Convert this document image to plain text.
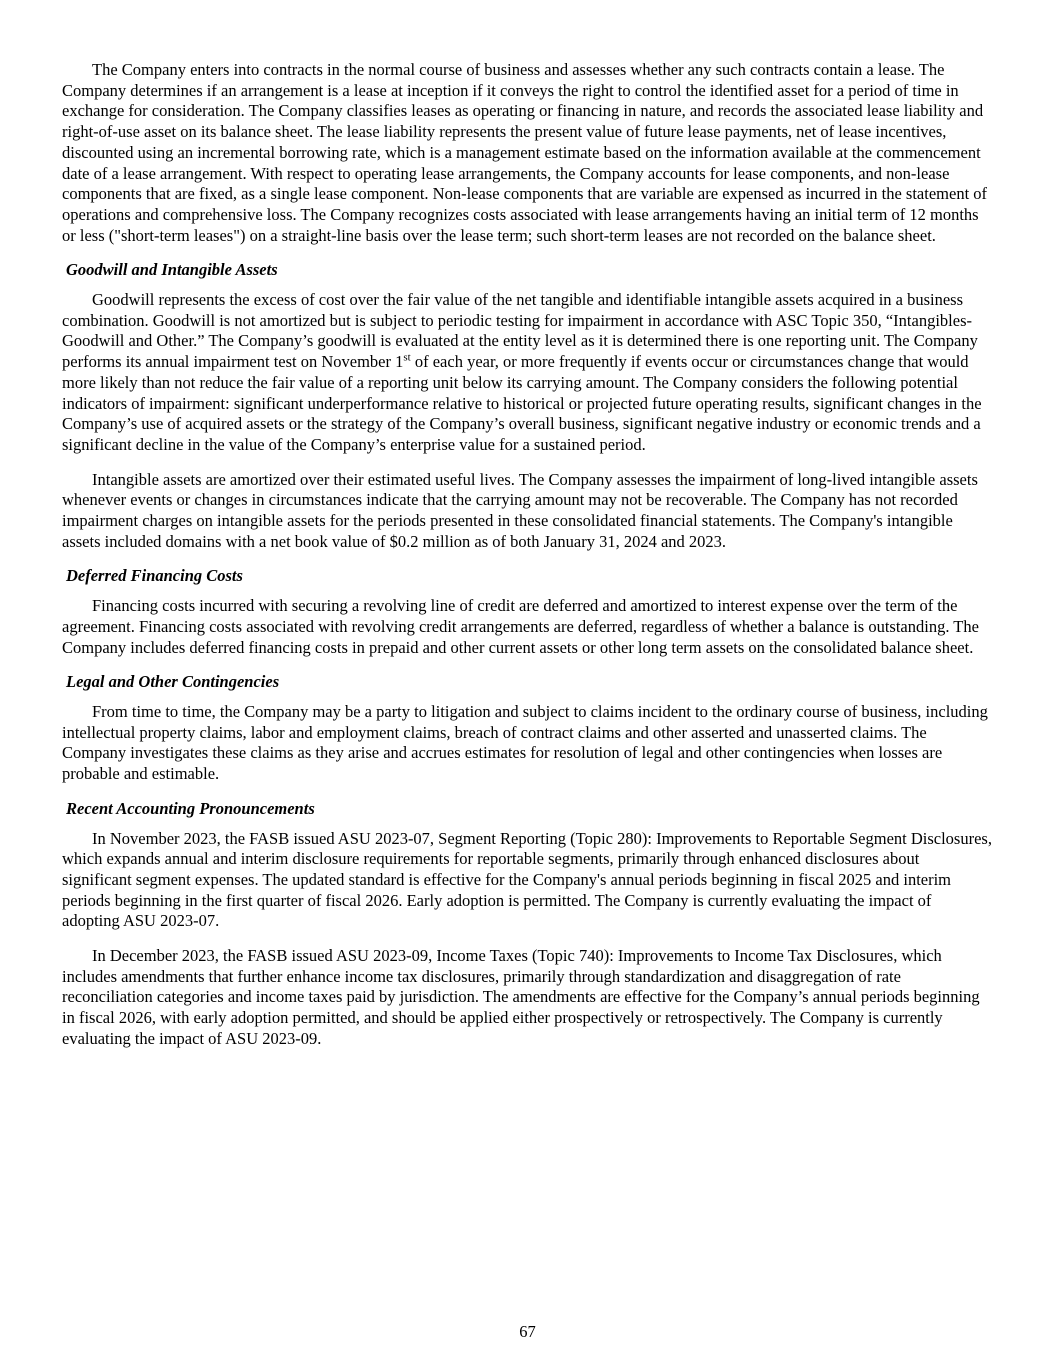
The Company enters into contracts in the normal course of business and assesses whether any such contracts contain a lease. The Company determines if an arrangement is a lease at inception if it conveys the right to control the identified asset for a period of time in exchange for consideration. The Company classifies leases as operating or financing in nature, and records the associated lease liability and right-of-use asset on its balance sheet. The lease liability represents the present value of future lease payments, net of lease incentives, discounted using an incremental borrowing rate, which is a management estimate based on the information available at the commencement date of a lease arrangement. With respect to operating lease arrangements, the Company accounts for lease components, and non-lease components that are fixed, as a single lease component. Non-lease components that are variable are expensed as incurred in the statement of operations and comprehensive loss. The Company recognizes costs associated with lease arrangements having an initial term of 12 months or less ("short-term leases") on a straight-line basis over the lease term; such short-term leases are not recorded on the balance sheet.

Goodwill and Intangible Assets

Goodwill represents the excess of cost over the fair value of the net tangible and identifiable intangible assets acquired in a business combination. Goodwill is not amortized but is subject to periodic testing for impairment in accordance with ASC Topic 350, “Intangibles-Goodwill and Other.” The Company’s goodwill is evaluated at the entity level as it is determined there is one reporting unit. The Company performs its annual impairment test on November 1st of each year, or more frequently if events occur or circumstances change that would more likely than not reduce the fair value of a reporting unit below its carrying amount. The Company considers the following potential indicators of impairment: significant underperformance relative to historical or projected future operating results, significant changes in the Company’s use of acquired assets or the strategy of the Company’s overall business, significant negative industry or economic trends and a significant decline in the value of the Company’s enterprise value for a sustained period.

Intangible assets are amortized over their estimated useful lives. The Company assesses the impairment of long-lived intangible assets whenever events or changes in circumstances indicate that the carrying amount may not be recoverable. The Company has not recorded impairment charges on intangible assets for the periods presented in these consolidated financial statements. The Company's intangible assets included domains with a net book value of $0.2 million as of both January 31, 2024 and 2023.

Deferred Financing Costs

Financing costs incurred with securing a revolving line of credit are deferred and amortized to interest expense over the term of the agreement. Financing costs associated with revolving credit arrangements are deferred, regardless of whether a balance is outstanding. The Company includes deferred financing costs in prepaid and other current assets or other long term assets on the consolidated balance sheet.

Legal and Other Contingencies

From time to time, the Company may be a party to litigation and subject to claims incident to the ordinary course of business, including intellectual property claims, labor and employment claims, breach of contract claims and other asserted and unasserted claims. The Company investigates these claims as they arise and accrues estimates for resolution of legal and other contingencies when losses are probable and estimable.

Recent Accounting Pronouncements

In November 2023, the FASB issued ASU 2023-07, Segment Reporting (Topic 280): Improvements to Reportable Segment Disclosures, which expands annual and interim disclosure requirements for reportable segments, primarily through enhanced disclosures about significant segment expenses. The updated standard is effective for the Company's annual periods beginning in fiscal 2025 and interim periods beginning in the first quarter of fiscal 2026. Early adoption is permitted. The Company is currently evaluating the impact of adopting ASU 2023-07.

In December 2023, the FASB issued ASU 2023-09, Income Taxes (Topic 740): Improvements to Income Tax Disclosures, which includes amendments that further enhance income tax disclosures, primarily through standardization and disaggregation of rate reconciliation categories and income taxes paid by jurisdiction. The amendments are effective for the Company’s annual periods beginning in fiscal 2026, with early adoption permitted, and should be applied either prospectively or retrospectively. The Company is currently evaluating the impact of ASU 2023-09.

67
